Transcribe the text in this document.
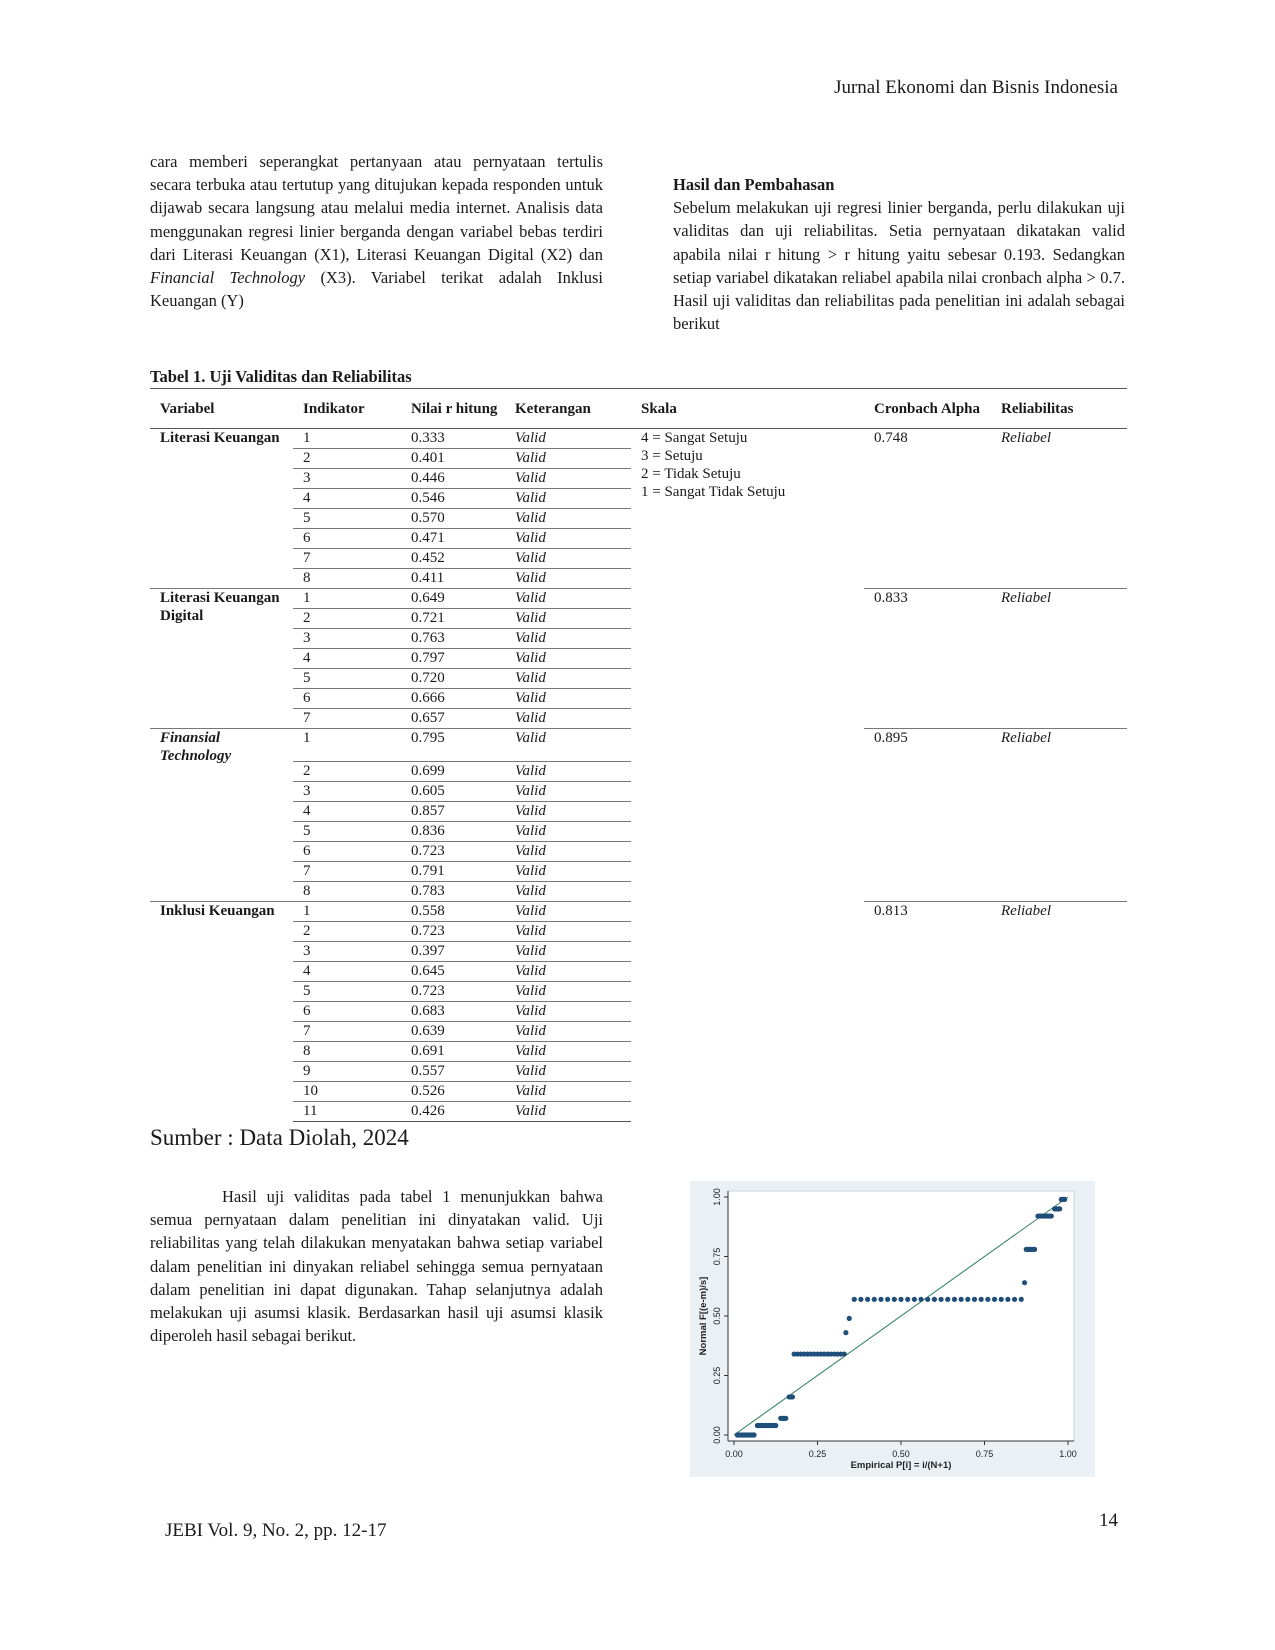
Jurnal Ekonomi dan Bisnis Indonesia
cara memberi seperangkat pertanyaan atau pernyataan tertulis secara terbuka atau tertutup yang ditujukan kepada responden untuk dijawab secara langsung atau melalui media internet. Analisis data menggunakan regresi linier berganda dengan variabel bebas terdiri dari Literasi Keuangan (X1), Literasi Keuangan Digital (X2) dan Financial Technology (X3). Variabel terikat adalah Inklusi Keuangan (Y)
Hasil dan Pembahasan
Sebelum melakukan uji regresi linier berganda, perlu dilakukan uji validitas dan uji reliabilitas. Setia pernyataan dikatakan valid apabila nilai r hitung > r hitung yaitu sebesar 0.193. Sedangkan setiap variabel dikatakan reliabel apabila nilai cronbach alpha > 0.7. Hasil uji validitas dan reliabilitas pada penelitian ini adalah sebagai berikut
Tabel 1. Uji Validitas dan Reliabilitas
Variabel	Indikator	Nilai r hitung	Keterangan	Skala	Cronbach Alpha	Reliabilitas
Literasi Keuangan	1	0.333	Valid	4 = Sangat Setuju
3 = Setuju
2 = Tidak Setuju
1 = Sangat Tidak Setuju	0.748	Reliabel
	2	0.401	Valid			
	3	0.446	Valid			
	4	0.546	Valid			
	5	0.570	Valid			
	6	0.471	Valid			
	7	0.452	Valid			
	8	0.411	Valid			
Literasi Keuangan Digital	1	0.649	Valid		0.833	Reliabel
	2	0.721	Valid			
	3	0.763	Valid			
	4	0.797	Valid			
	5	0.720	Valid			
	6	0.666	Valid			
	7	0.657	Valid			
Finansial Technology	1	0.795	Valid		0.895	Reliabel
	2	0.699	Valid			
	3	0.605	Valid			
	4	0.857	Valid			
	5	0.836	Valid			
	6	0.723	Valid			
	7	0.791	Valid			
	8	0.783	Valid			
Inklusi Keuangan	1	0.558	Valid		0.813	Reliabel
	2	0.723	Valid			
	3	0.397	Valid			
	4	0.645	Valid			
	5	0.723	Valid			
	6	0.683	Valid			
	7	0.639	Valid			
	8	0.691	Valid			
	9	0.557	Valid			
	10	0.526	Valid			
	11	0.426	Valid			
Sumber : Data Diolah, 2024
Hasil uji validitas pada tabel 1 menunjukkan bahwa semua pernyataan dalam penelitian ini dinyatakan valid. Uji reliabilitas yang telah dilakukan menyatakan bahwa setiap variabel dalam penelitian ini dinyakan reliabel sehingga semua pernyataan dalam penelitian ini dapat digunakan. Tahap selanjutnya adalah melakukan uji asumsi klasik. Berdasarkan hasil uji asumsi klasik diperoleh hasil sebagai berikut.
0.00
0.00
0.25
0.25
0.50
0.50
0.75
0.75
1.00
1.00
Empirical P[i] = i/(N+1)
Normal F[(e-m)/s]
JEBI Vol. 9, No. 2, pp. 12-17	14
